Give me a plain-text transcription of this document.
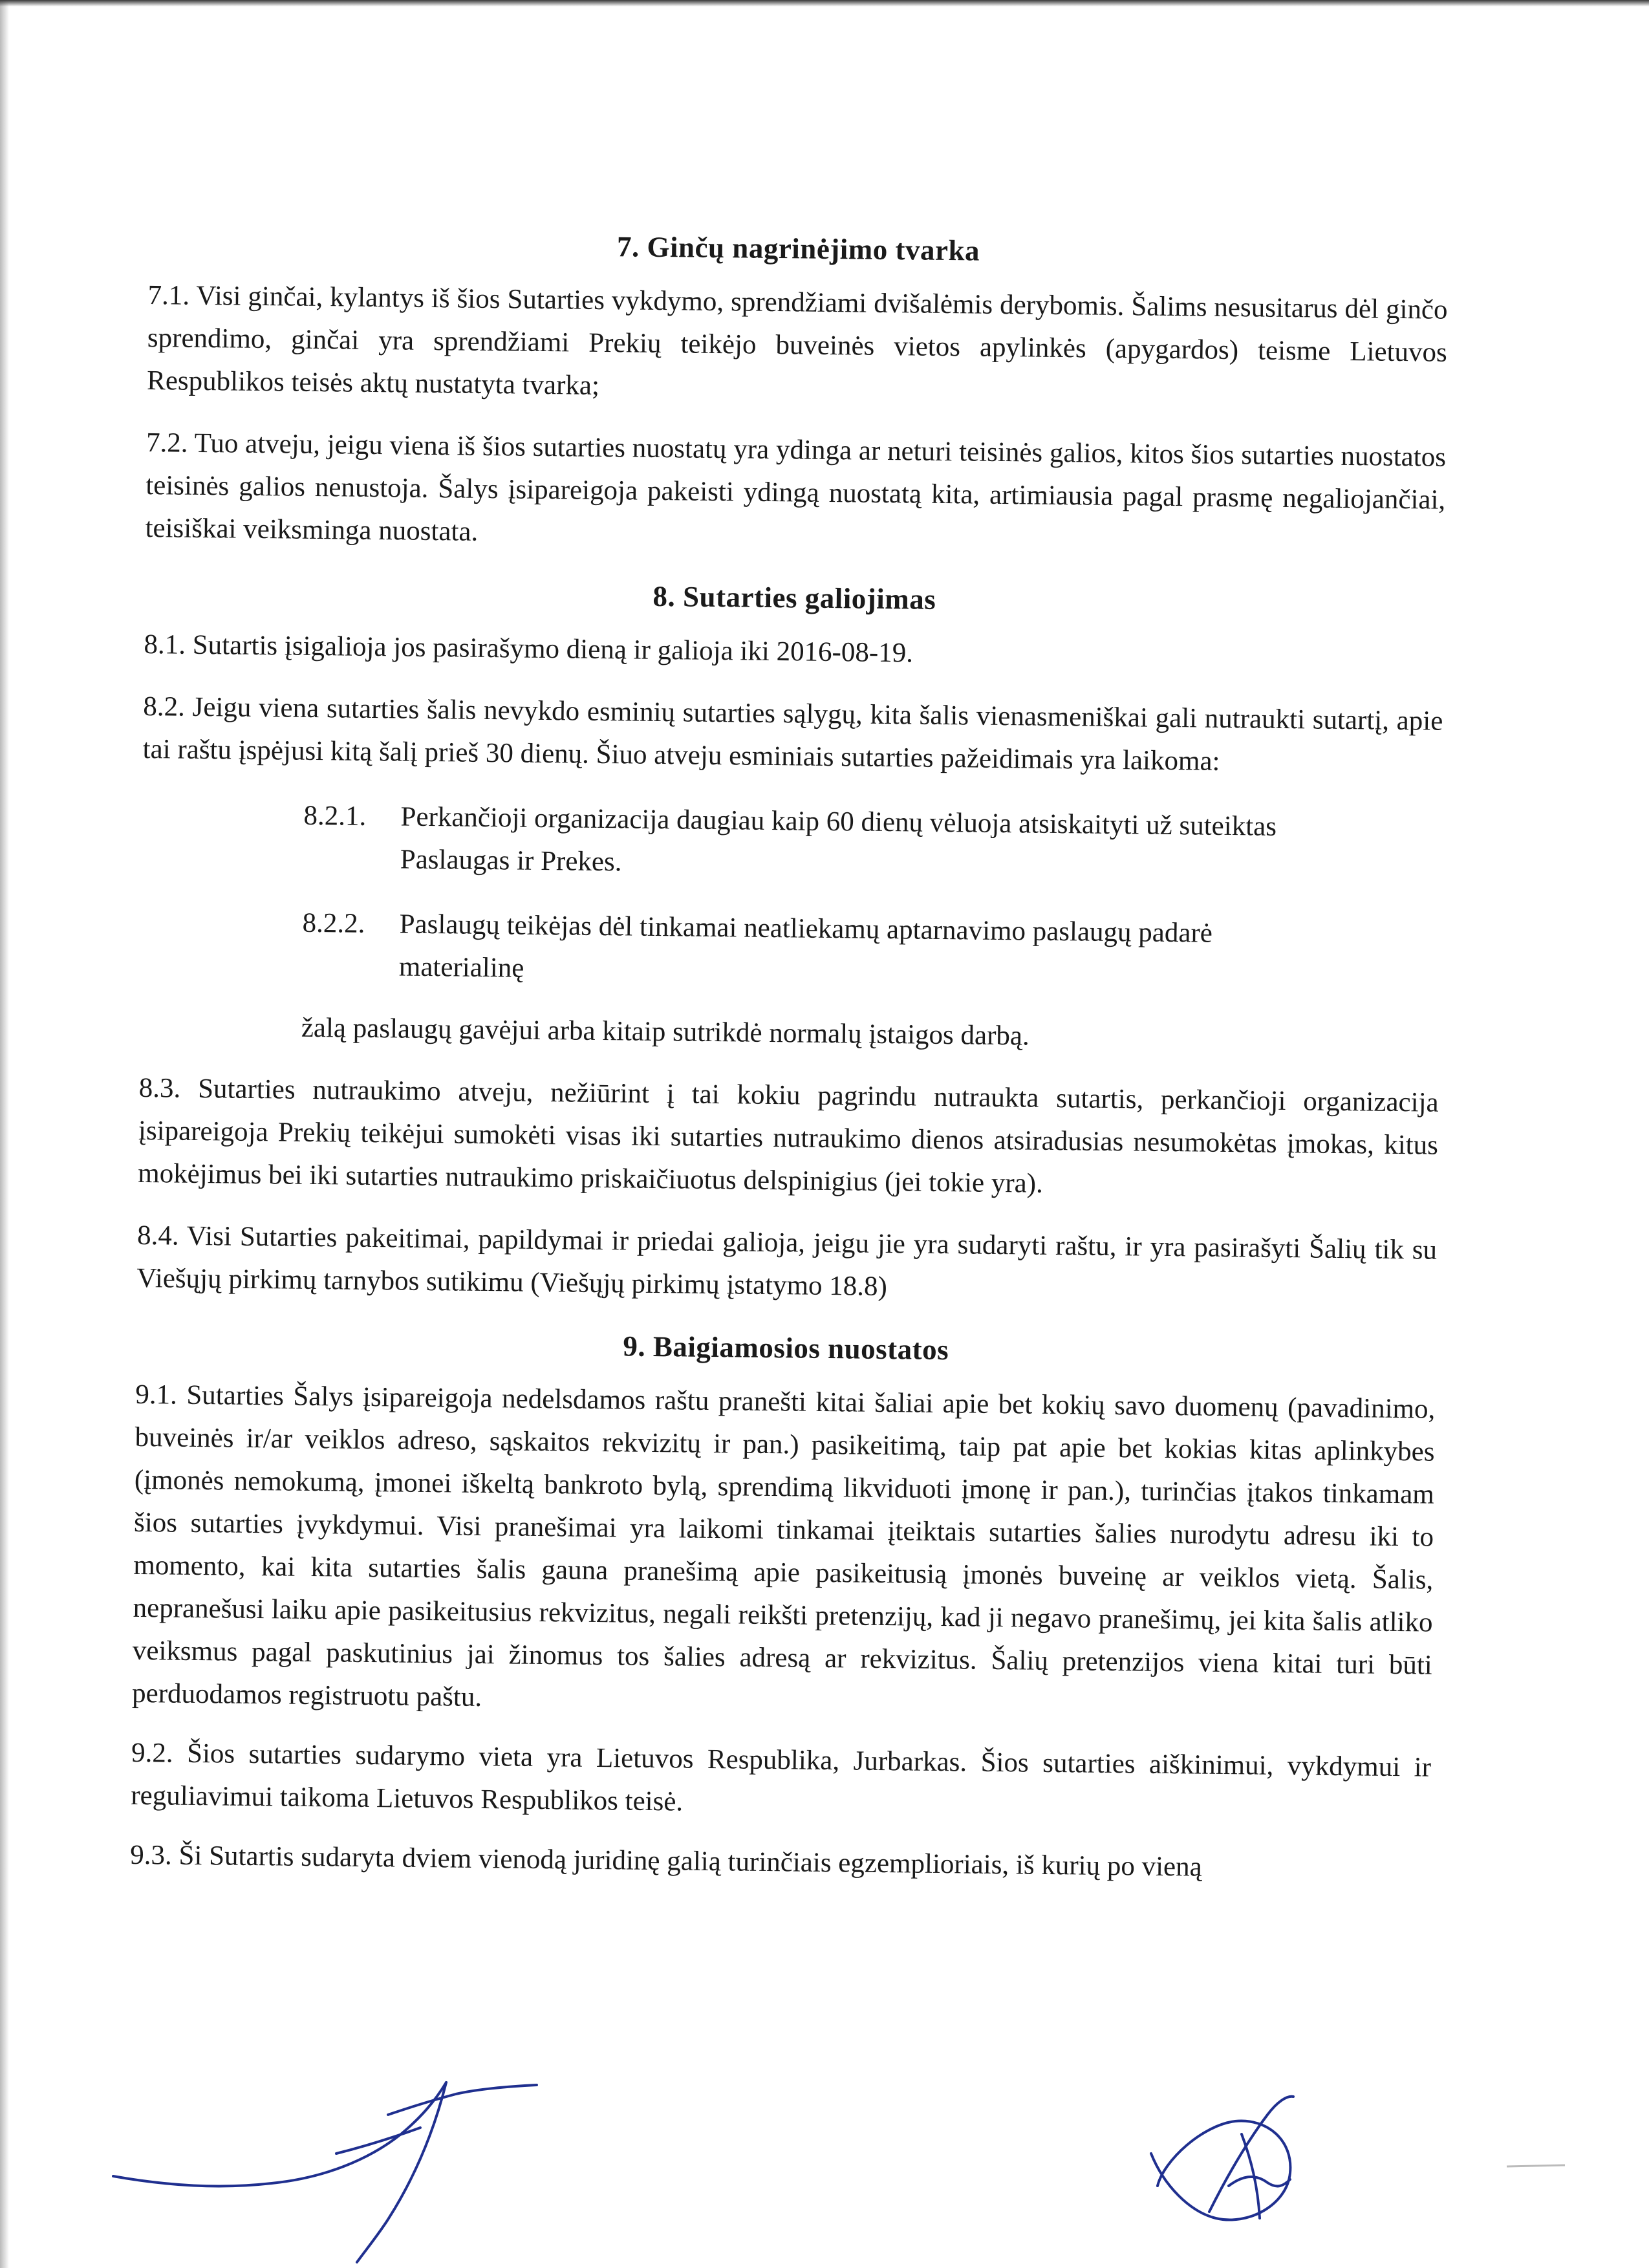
7. Ginčų nagrinėjimo tvarka

7.1. Visi ginčai, kylantys iš šios Sutarties vykdymo, sprendžiami dvišalėmis derybomis. Šalims nesusitarus dėl ginčo sprendimo, ginčai yra sprendžiami Prekių teikėjo buveinės vietos apylinkės (apygardos) teisme Lietuvos Respublikos teisės aktų nustatyta tvarka;

7.2. Tuo atveju, jeigu viena iš šios sutarties nuostatų yra ydinga ar neturi teisinės galios, kitos šios sutarties nuostatos teisinės galios nenustoja. Šalys įsipareigoja pakeisti ydingą nuostatą kita, artimiausia pagal prasmę negaliojančiai, teisiškai veiksminga nuostata.

8. Sutarties galiojimas

8.1. Sutartis įsigalioja jos pasirašymo dieną ir galioja iki 2016-08-19.

8.2. Jeigu viena sutarties šalis nevykdo esminių sutarties sąlygų, kita šalis vienasmeniškai gali nutraukti sutartį, apie tai raštu įspėjusi kitą šalį prieš 30 dienų. Šiuo atveju esminiais sutarties pažeidimais yra laikoma:

8.2.1. Perkančioji organizacija daugiau kaip 60 dienų vėluoja atsiskaityti už suteiktas
Paslaugas ir Prekes.
8.2.2. Paslaugų teikėjas dėl tinkamai neatliekamų aptarnavimo paslaugų padarė
materialinę

žalą paslaugų gavėjui arba kitaip sutrikdė normalų įstaigos darbą.

8.3. Sutarties nutraukimo atveju, nežiūrint į tai kokiu pagrindu nutraukta sutartis, perkančioji organizacija įsipareigoja Prekių teikėjui sumokėti visas iki sutarties nutraukimo dienos atsiradusias nesumokėtas įmokas, kitus mokėjimus bei iki sutarties nutraukimo priskaičiuotus delspinigius (jei tokie yra).

8.4. Visi Sutarties pakeitimai, papildymai ir priedai galioja, jeigu jie yra sudaryti raštu, ir yra pasirašyti Šalių tik su Viešųjų pirkimų tarnybos sutikimu (Viešųjų pirkimų įstatymo 18.8)

9. Baigiamosios nuostatos

9.1. Sutarties Šalys įsipareigoja nedelsdamos raštu pranešti kitai šaliai apie bet kokių savo duomenų (pavadinimo, buveinės ir/ar veiklos adreso, sąskaitos rekvizitų ir pan.) pasikeitimą, taip pat apie bet kokias kitas aplinkybes (įmonės nemokumą, įmonei iškeltą bankroto bylą, sprendimą likviduoti įmonę ir pan.), turinčias įtakos tinkamam šios sutarties įvykdymui. Visi pranešimai yra laikomi tinkamai įteiktais sutarties šalies nurodytu adresu iki to momento, kai kita sutarties šalis gauna pranešimą apie pasikeitusią įmonės buveinę ar veiklos vietą. Šalis, nepranešusi laiku apie pasikeitusius rekvizitus, negali reikšti pretenzijų, kad ji negavo pranešimų, jei kita šalis atliko veiksmus pagal paskutinius jai žinomus tos šalies adresą ar rekvizitus. Šalių pretenzijos viena kitai turi būti perduodamos registruotu paštu.

9.2. Šios sutarties sudarymo vieta yra Lietuvos Respublika, Jurbarkas. Šios sutarties aiškinimui, vykdymui ir reguliavimui taikoma Lietuvos Respublikos teisė.

9.3. Ši Sutartis sudaryta dviem vienodą juridinę galią turinčiais egzemplioriais, iš kurių po vieną
